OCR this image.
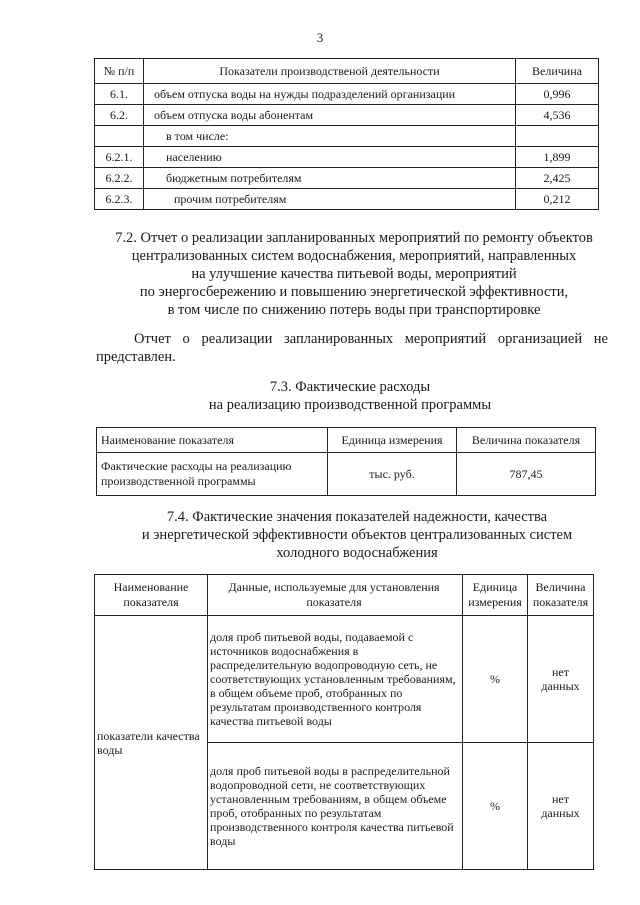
3
№ п/п	Показатели производственой деятельности	Величина
6.1.	объем отпуска воды на нужды подразделений организации	0,996
6.2.	объем отпуска воды абонентам	4,536
	в том числе:	
6.2.1.	населению	1,899
6.2.2.	бюджетным потребителям	2,425
6.2.3.	прочим потребителям	0,212
7.2. Отчет о реализации запланированных мероприятий по ремонту объектов
централизованных систем водоснабжения, мероприятий, направленных
на улучшение качества питьевой воды, мероприятий
по энергосбережению и повышению энергетической эффективности,
в том числе по снижению потерь воды при транспортировке
Отчет о реализации запланированных мероприятий организацией не представлен.
7.3. Фактические расходы
на реализацию производственной программы
Наименование показателя	Единица измерения	Величина показателя
Фактические расходы на реализацию производственной программы	тыс. руб.	787,45
7.4. Фактические значения показателей надежности, качества
и энергетической эффективности объектов централизованных систем
холодного водоснабжения
Наименование показателя	Данные, используемые для установления показателя	Единица измерения	Величина показателя
показатели качества воды	доля проб питьевой воды, подаваемой с источников водоснабжения в распределительную водопроводную сеть, не соответствующих установленным требованиям, в общем объеме проб, отобранных по результатам производственного контроля качества питьевой воды	%	нет данных
	доля проб питьевой воды в распределительной водопроводной сети, не соответствующих установленным требованиям, в общем объеме проб, отобранных по результатам производственного контроля качества питьевой воды	%	нет данных
